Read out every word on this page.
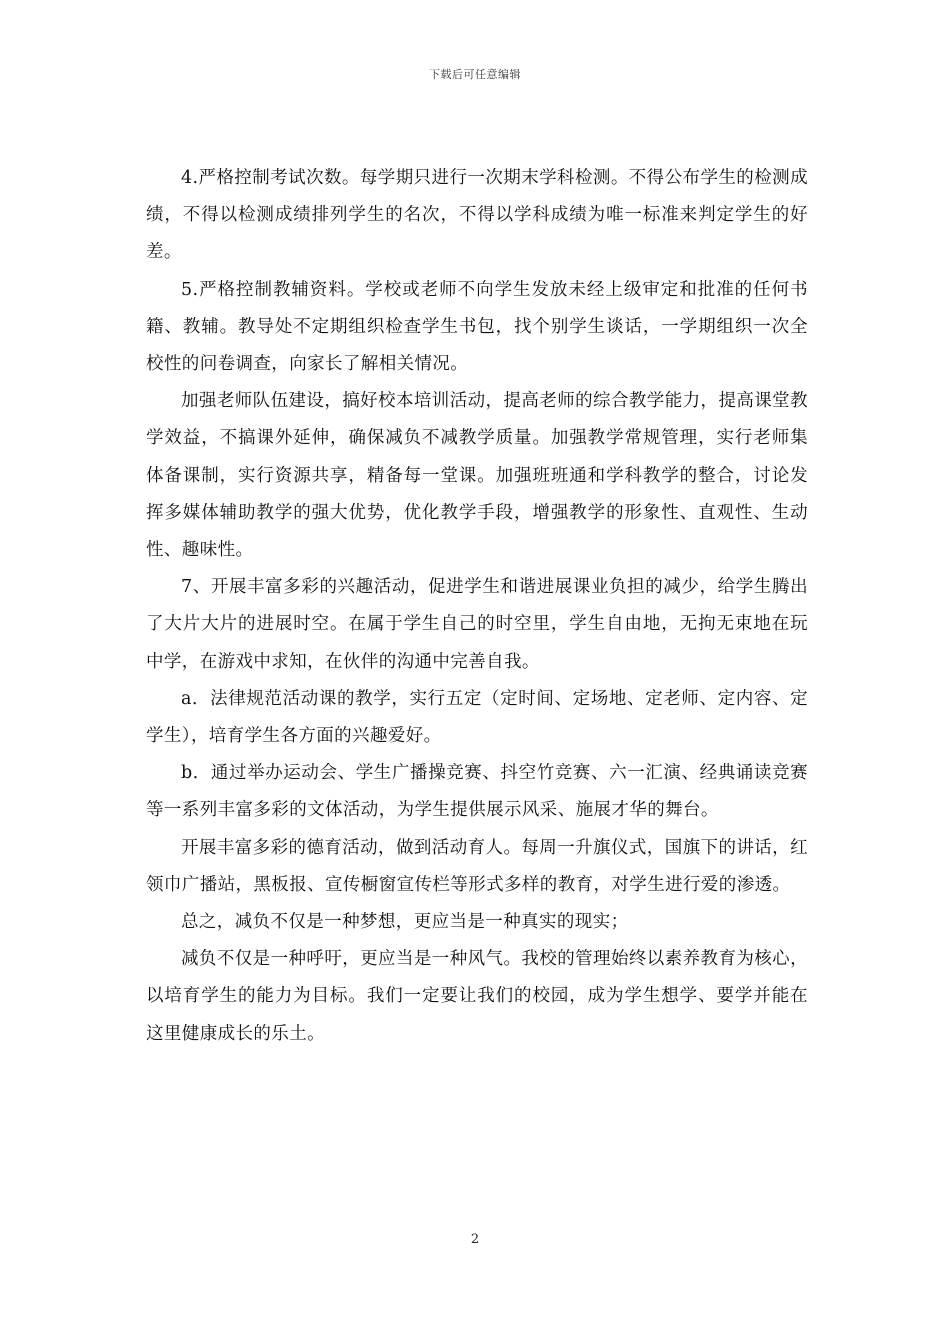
下载后可任意编辑

4.严格控制考试次数。每学期只进行一次期末学科检测。不得公布学生的检测成绩，不得以检测成绩排列学生的名次，不得以学科成绩为唯一标准来判定学生的好差。

5.严格控制教辅资料。学校或老师不向学生发放未经上级审定和批准的任何书籍、教辅。教导处不定期组织检查学生书包，找个别学生谈话，一学期组织一次全校性的问卷调查，向家长了解相关情况。

加强老师队伍建设，搞好校本培训活动，提高老师的综合教学能力，提高课堂教学效益，不搞课外延伸，确保减负不减教学质量。加强教学常规管理，实行老师集体备课制，实行资源共享，精备每一堂课。加强班班通和学科教学的整合，讨论发挥多媒体辅助教学的强大优势，优化教学手段，增强教学的形象性、直观性、生动性、趣味性。

7、开展丰富多彩的兴趣活动，促进学生和谐进展课业负担的减少，给学生腾出了大片大片的进展时空。在属于学生自己的时空里，学生自由地，无拘无束地在玩中学，在游戏中求知，在伙伴的沟通中完善自我。

a．法律规范活动课的教学，实行五定（定时间、定场地、定老师、定内容、定学生），培育学生各方面的兴趣爱好。

b．通过举办运动会、学生广播操竞赛、抖空竹竞赛、六一汇演、经典诵读竞赛等一系列丰富多彩的文体活动，为学生提供展示风采、施展才华的舞台。

开展丰富多彩的德育活动，做到活动育人。每周一升旗仪式，国旗下的讲话，红领巾广播站，黑板报、宣传橱窗宣传栏等形式多样的教育，对学生进行爱的渗透。

总之，减负不仅是一种梦想，更应当是一种真实的现实；

减负不仅是一种呼吁，更应当是一种风气。我校的管理始终以素养教育为核心，以培育学生的能力为目标。我们一定要让我们的校园，成为学生想学、要学并能在这里健康成长的乐土。

2
